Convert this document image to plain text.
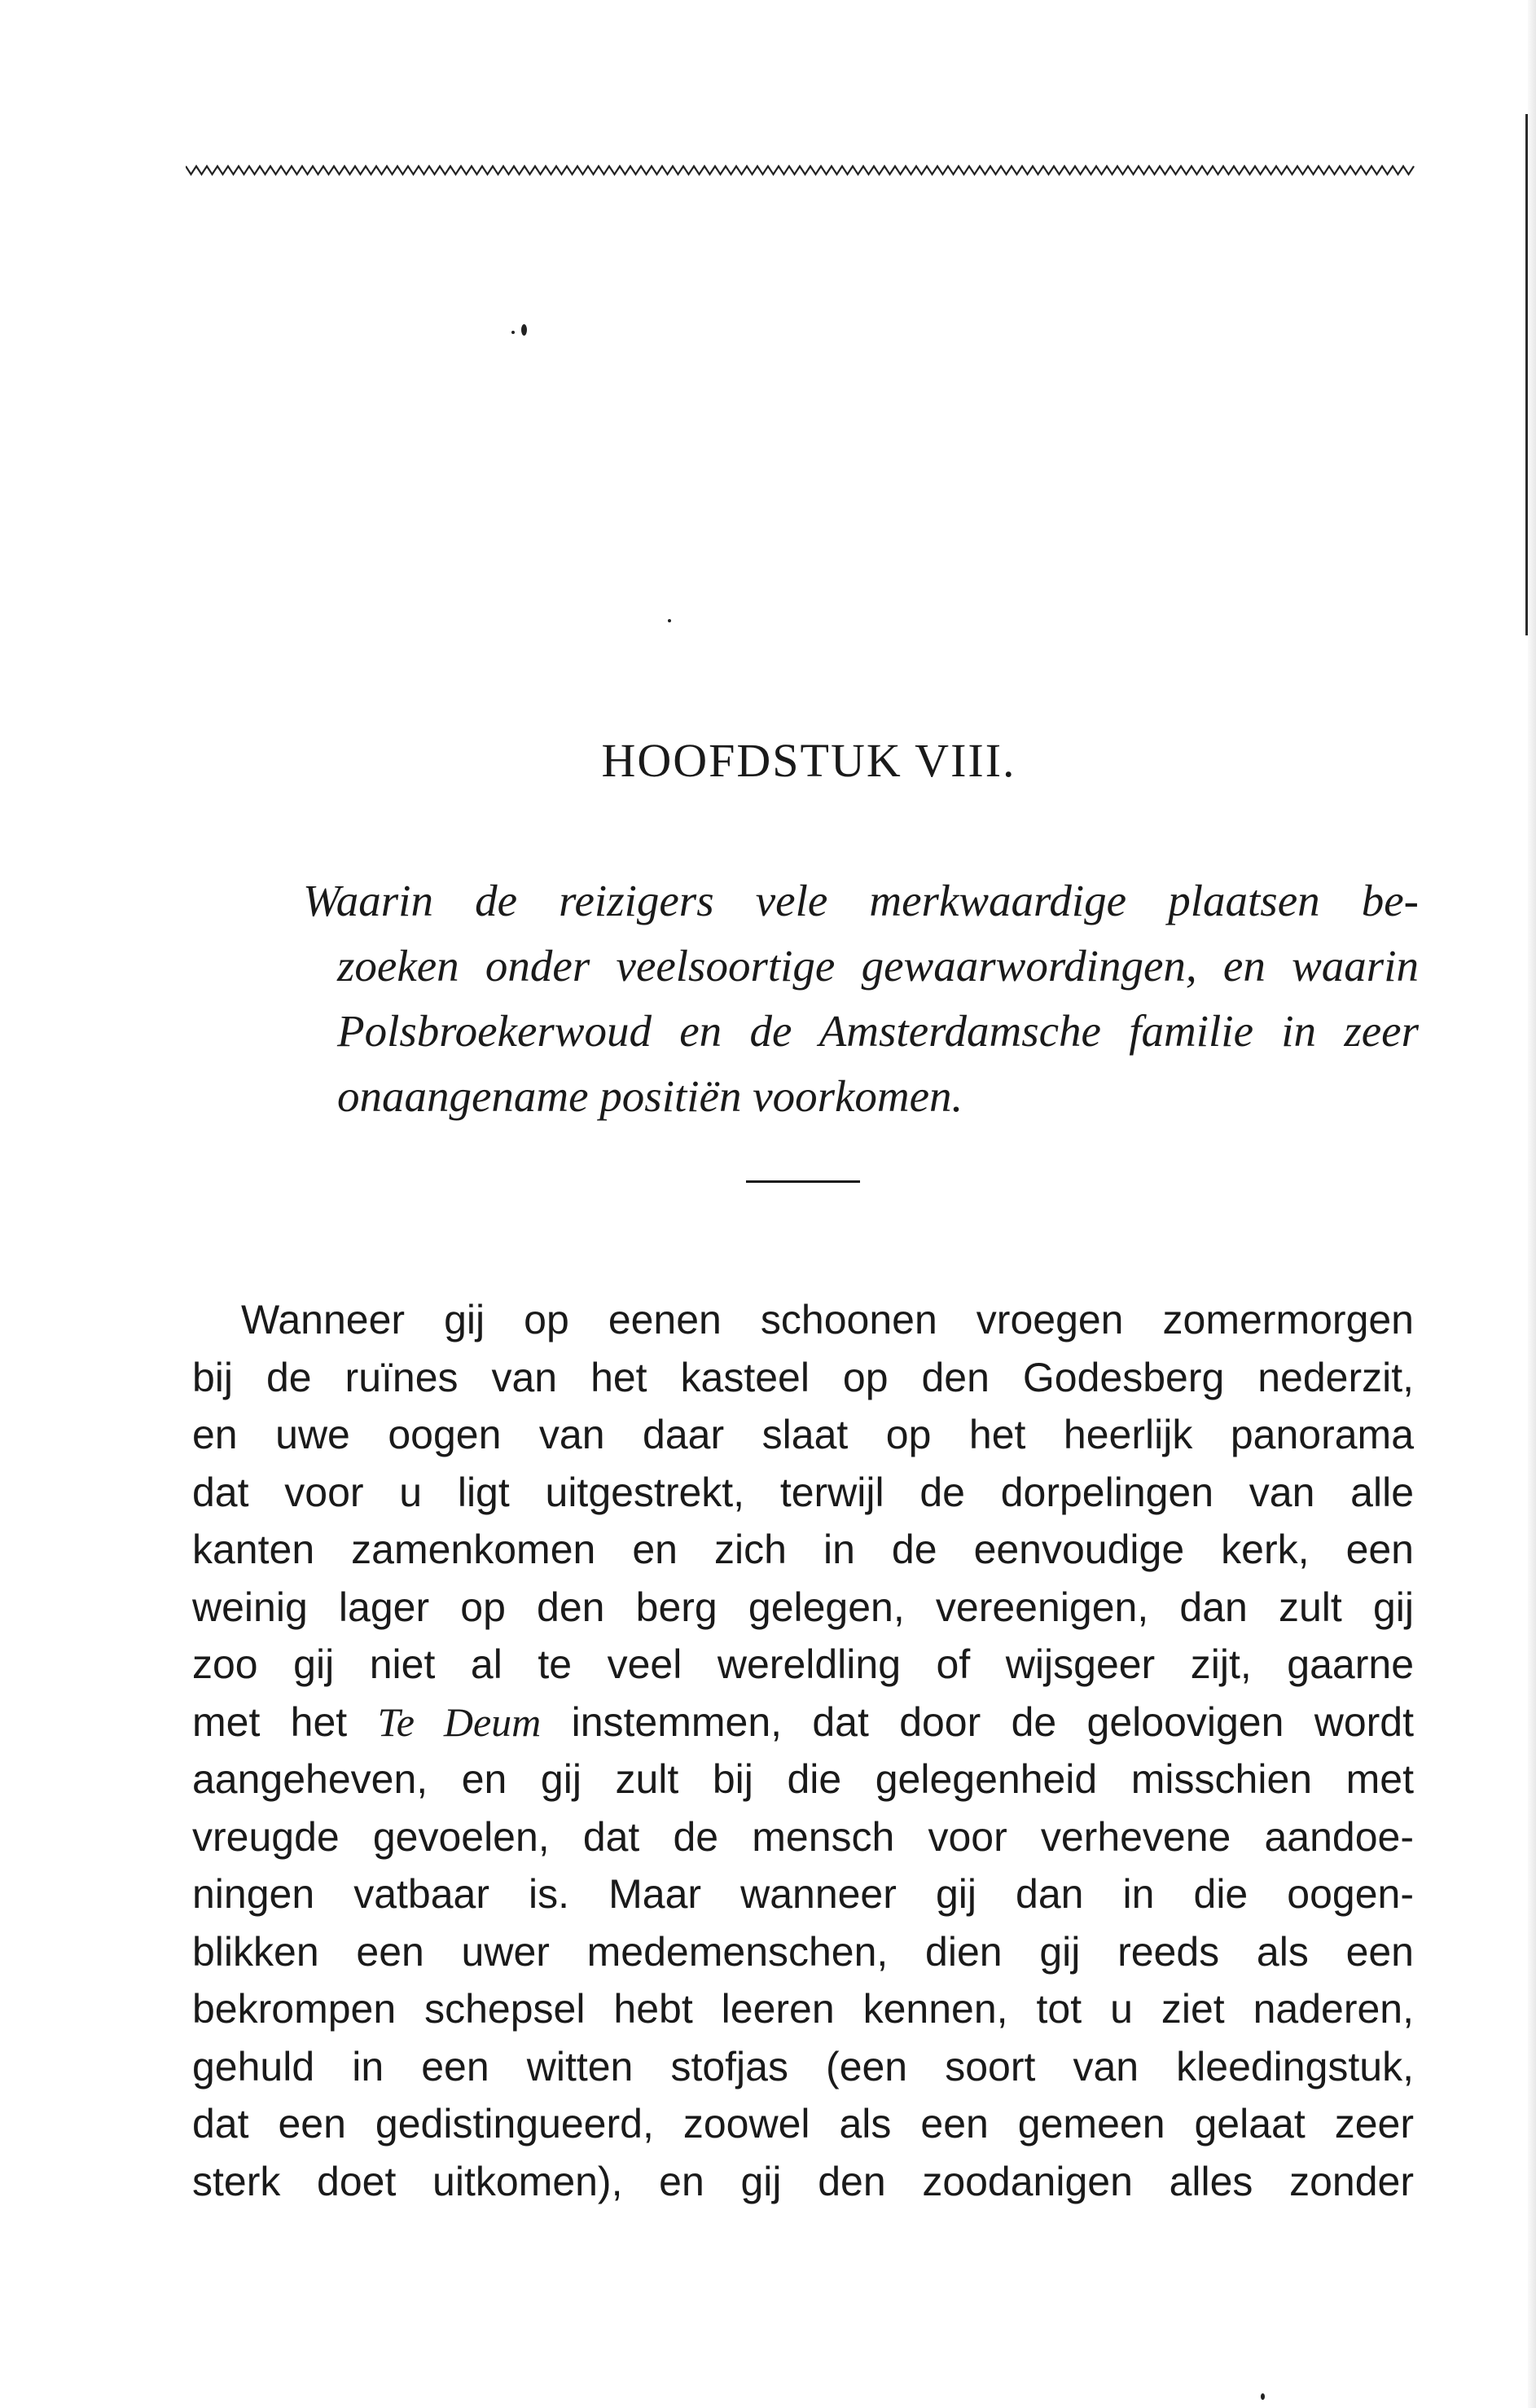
HOOFDSTUK VIII.
Waarin de reizigers vele merkwaardige plaatsen be-
zoeken onder veelsoortige gewaarwordingen, en waarin
Polsbroekerwoud en de Amsterdamsche familie in zeer
onaangename positiën voorkomen.
Wanneer gij op eenen schoonen vroegen zomermorgen
bij de ruïnes van het kasteel op den Godesberg nederzit,
en uwe oogen van daar slaat op het heerlijk panorama
dat voor u ligt uitgestrekt, terwijl de dorpelingen van alle
kanten zamenkomen en zich in de eenvoudige kerk, een
weinig lager op den berg gelegen, vereenigen, dan zult gij
zoo gij niet al te veel wereldling of wijsgeer zijt, gaarne
met het Te Deum instemmen, dat door de geloovigen wordt
aangeheven, en gij zult bij die gelegenheid misschien met
vreugde gevoelen, dat de mensch voor verhevene aandoe-
ningen vatbaar is. Maar wanneer gij dan in die oogen-
blikken een uwer medemenschen, dien gij reeds als een
bekrompen schepsel hebt leeren kennen, tot u ziet naderen,
gehuld in een witten stofjas (een soort van kleedingstuk,
dat een gedistingueerd, zoowel als een gemeen gelaat zeer
sterk doet uitkomen), en gij den zoodanigen alles zonder
